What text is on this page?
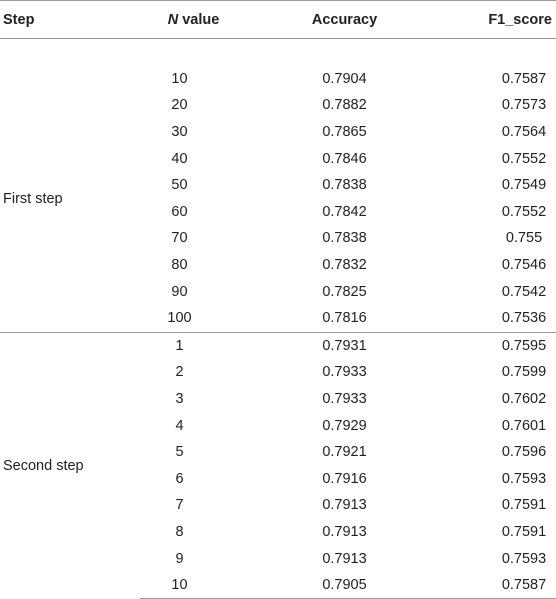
Step	N value	Accuracy	F1_score

First step	10	0.7904	0.7587
	20	0.7882	0.7573
	30	0.7865	0.7564
	40	0.7846	0.7552
	50	0.7838	0.7549
	60	0.7842	0.7552
	70	0.7838	0.755
	80	0.7832	0.7546
	90	0.7825	0.7542
	100	0.7816	0.7536
Second step	1	0.7931	0.7595
	2	0.7933	0.7599
	3	0.7933	0.7602
	4	0.7929	0.7601
	5	0.7921	0.7596
	6	0.7916	0.7593
	7	0.7913	0.7591
	8	0.7913	0.7591
	9	0.7913	0.7593
	10	0.7905	0.7587
